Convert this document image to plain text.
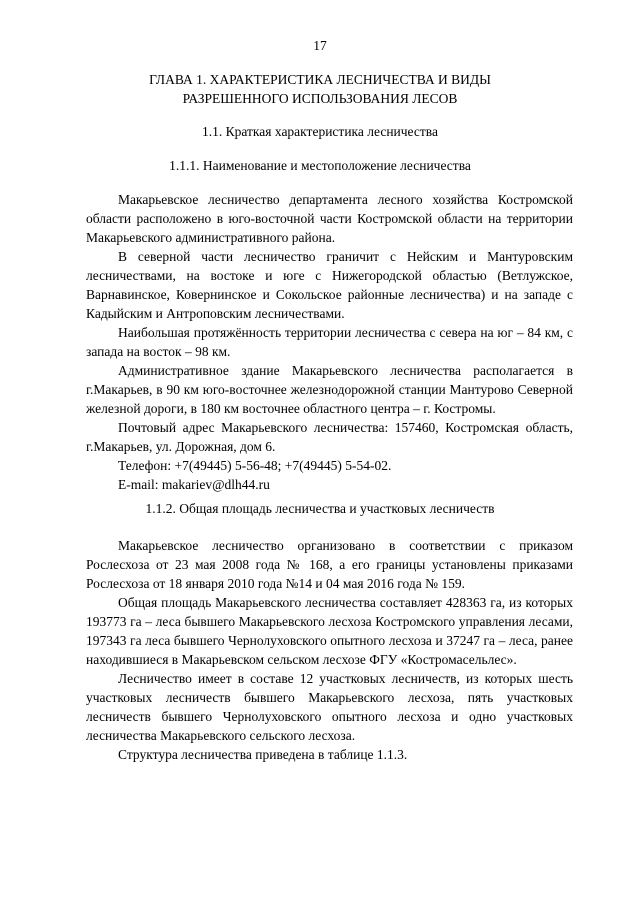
17
ГЛАВА 1. ХАРАКТЕРИСТИКА ЛЕСНИЧЕСТВА И ВИДЫ
РАЗРЕШЕННОГО ИСПОЛЬЗОВАНИЯ ЛЕСОВ
1.1. Краткая характеристика лесничества
1.1.1. Наименование и местоположение лесничества

Макарьевское лесничество департамента лесного хозяйства Костромской области расположено в юго-восточной части Костромской области на территории Макарьевского административного района.

В северной части лесничество граничит с Нейским и Мантуровским лесничествами, на востоке и юге с Нижегородской областью (Ветлужское, Варнавинское, Ковернинское и Сокольское районные лесничества) и на западе с Кадыйским и Антроповским лесничествами.

Наибольшая протяжённость территории лесничества с севера на юг – 84 км, с запада на восток – 98 км.

Административное здание Макарьевского лесничества располагается в г.Макарьев, в 90 км юго-восточнее железнодорожной станции Мантурово Северной железной дороги, в 180 км восточнее областного центра – г. Костромы.

Почтовый адрес Макарьевского лесничества: 157460, Костромская область, г.Макарьев, ул. Дорожная, дом 6.

Телефон: +7(49445) 5-56-48; +7(49445) 5-54-02.

E-mail: makariev@dlh44.ru

1.1.2. Общая площадь лесничества и участковых лесничеств

Макарьевское лесничество организовано в соответствии с приказом Рослесхоза от 23 мая 2008 года № 168, а его границы установлены приказами Рослесхоза от 18 января 2010 года №14 и 04 мая 2016 года № 159.

Общая площадь Макарьевского лесничества составляет 428363 га, из которых 193773 га – леса бывшего Макарьевского лесхоза Костромского управления лесами, 197343 га леса бывшего Чернолуховского опытного лесхоза и 37247 га – леса, ранее находившиеся в Макарьевском сельском лесхозе ФГУ «Костромасельлес».

Лесничество имеет в составе 12 участковых лесничеств, из которых шесть участковых лесничеств бывшего Макарьевского лесхоза, пять участковых лесничеств бывшего Чернолуховского опытного лесхоза и одно участковых лесничества Макарьевского сельского лесхоза.

Структура лесничества приведена в таблице 1.1.3.
